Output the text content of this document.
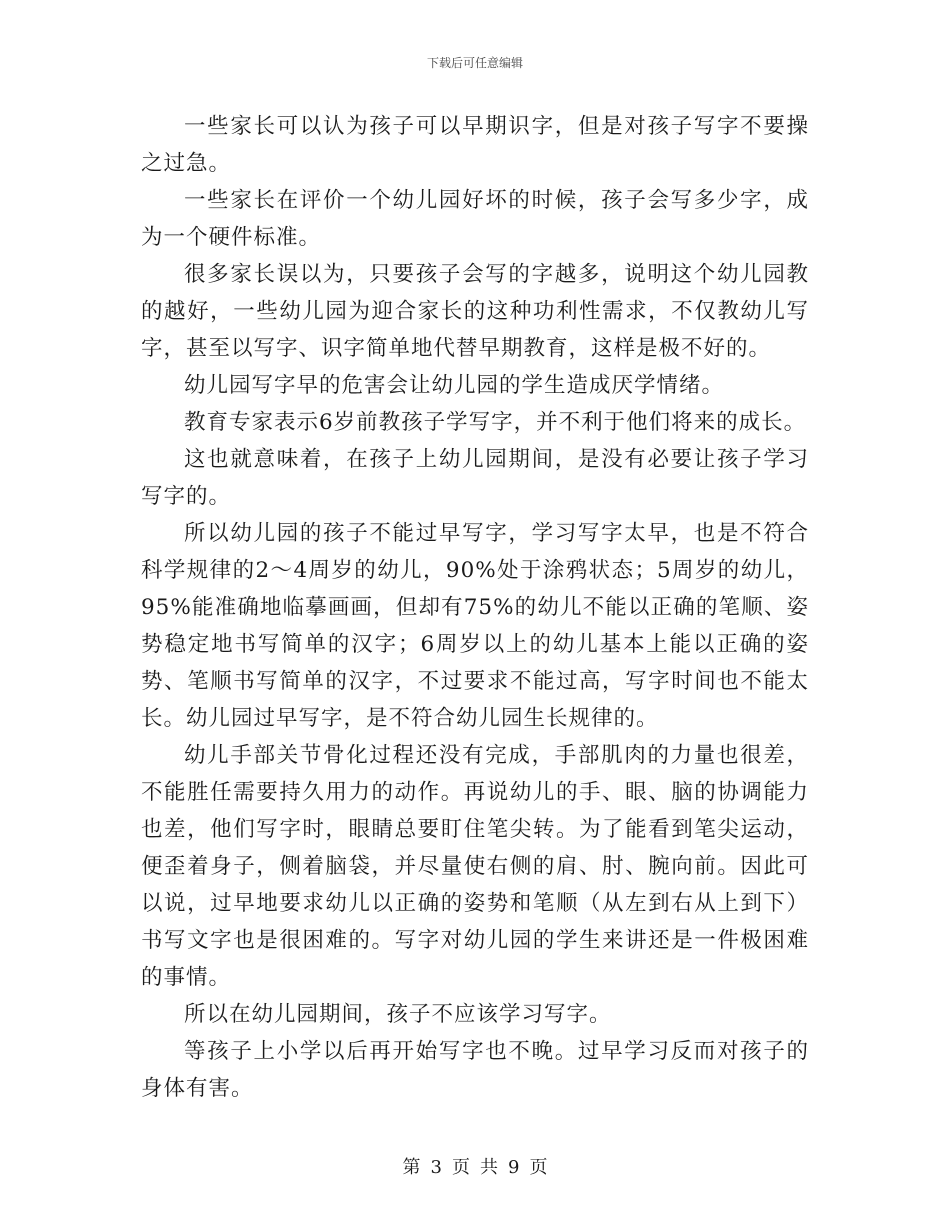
下载后可任意编辑

一些家长可以认为孩子可以早期识字，但是对孩子写字不要操之过急。

一些家长在评价一个幼儿园好坏的时候，孩子会写多少字，成为一个硬件标准。

很多家长误以为，只要孩子会写的字越多，说明这个幼儿园教的越好，一些幼儿园为迎合家长的这种功利性需求，不仅教幼儿写字，甚至以写字、识字简单地代替早期教育，这样是极不好的。

幼儿园写字早的危害会让幼儿园的学生造成厌学情绪。

教育专家表示6岁前教孩子学写字，并不利于他们将来的成长。

这也就意味着，在孩子上幼儿园期间，是没有必要让孩子学习写字的。

所以幼儿园的孩子不能过早写字，学习写字太早，也是不符合科学规律的2～4周岁的幼儿，90%处于涂鸦状态；5周岁的幼儿，95%能准确地临摹画画，但却有75%的幼儿不能以正确的笔顺、姿势稳定地书写简单的汉字；6周岁以上的幼儿基本上能以正确的姿势、笔顺书写简单的汉字，不过要求不能过高，写字时间也不能太长。幼儿园过早写字，是不符合幼儿园生长规律的。

幼儿手部关节骨化过程还没有完成，手部肌肉的力量也很差，不能胜任需要持久用力的动作。再说幼儿的手、眼、脑的协调能力也差，他们写字时，眼睛总要盯住笔尖转。为了能看到笔尖运动，便歪着身子，侧着脑袋，并尽量使右侧的肩、肘、腕向前。因此可以说，过早地要求幼儿以正确的姿势和笔顺（从左到右从上到下）书写文字也是很困难的。写字对幼儿园的学生来讲还是一件极困难的事情。

所以在幼儿园期间，孩子不应该学习写字。

等孩子上小学以后再开始写字也不晚。过早学习反而对孩子的身体有害。

第 3 页 共 9 页
